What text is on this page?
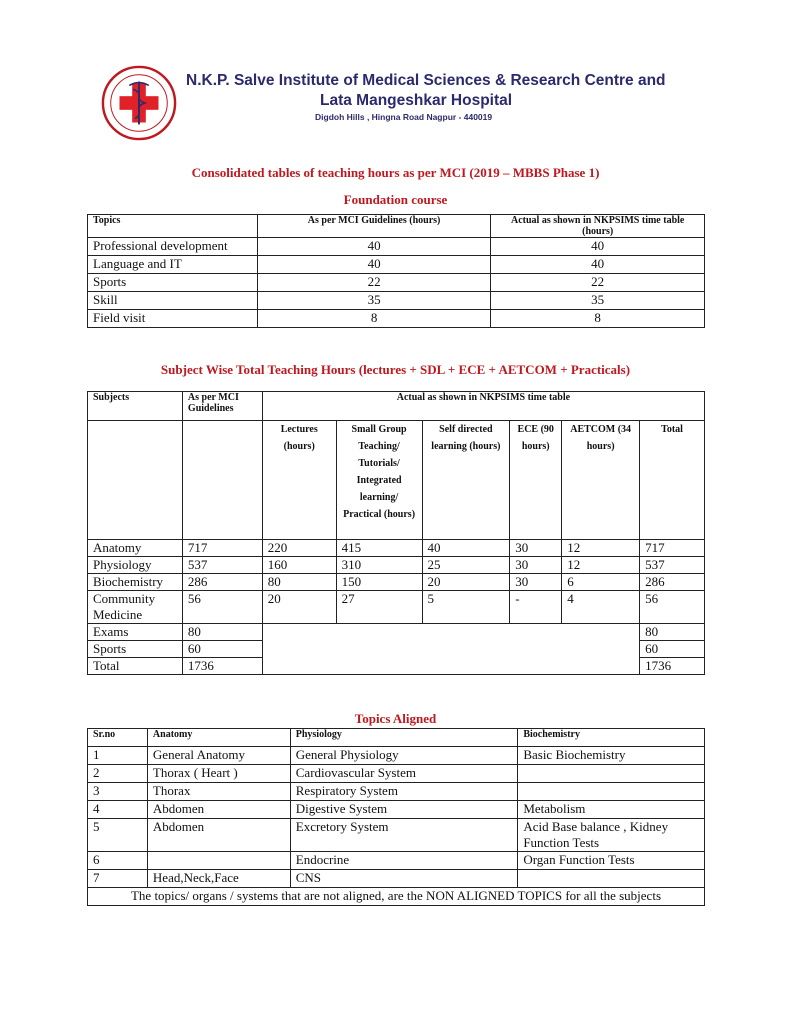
N.K.P. Salve Institute of Medical Sciences & Research Centre and
Lata Mangeshkar Hospital
Digdoh Hills , Hingna Road Nagpur - 440019
Consolidated tables of teaching hours as per MCI (2019 – MBBS Phase 1)
Foundation course
Topics	As per MCI Guidelines (hours)	Actual as shown in NKPSIMS time table (hours)
Professional development	40	40
Language and IT	40	40
Sports	22	22
Skill	35	35
Field visit	8	8
Subject Wise Total Teaching Hours (lectures + SDL + ECE + AETCOM + Practicals)
Subjects	As per MCI Guidelines	Actual as shown in NKPSIMS time table					
		Lectures (hours)	Small Group Teaching/ Tutorials/ Integrated learning/ Practical (hours)	Self directed learning (hours)	ECE (90 hours)	AETCOM (34 hours)	Total
Anatomy	717	220	415	40	30	12	717
Physiology	537	160	310	25	30	12	537
Biochemistry	286	80	150	20	30	6	286
Community Medicine	56	20	27	5	-	4	56
Exams	80						80
Sports	60						60
Total	1736						1736
Topics Aligned
Sr.no	Anatomy	Physiology	Biochemistry
1	General Anatomy	General Physiology	Basic Biochemistry
2	Thorax ( Heart )	Cardiovascular System	
3	Thorax	Respiratory System	
4	Abdomen	Digestive System	Metabolism
5	Abdomen	Excretory System	Acid Base balance , Kidney Function Tests
6		Endocrine	Organ Function Tests
7	Head,Neck,Face	CNS	
The topics/ organs / systems that are not aligned, are the NON ALIGNED TOPICS for all the subjects			
